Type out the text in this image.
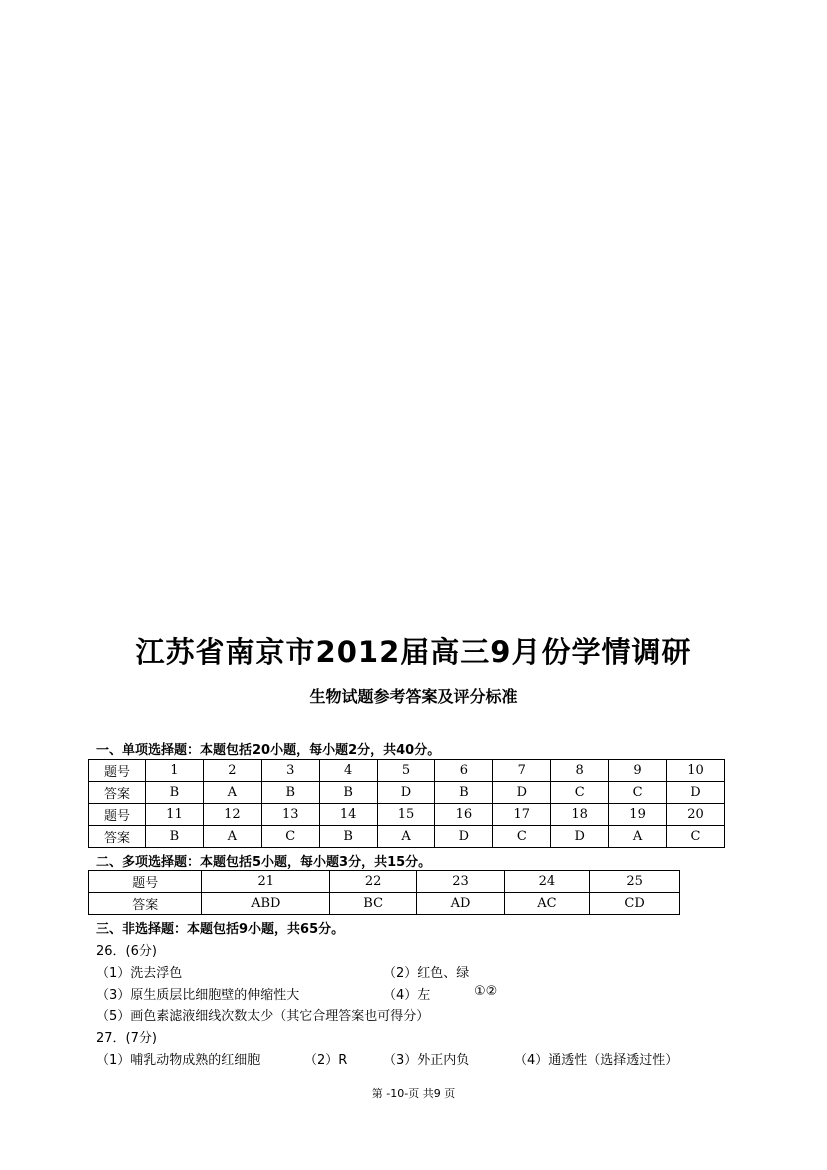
江苏省南京市2012届高三9月份学情调研
生物试题参考答案及评分标准
一、单项选择题：本题包括20小题，每小题2分，共40分。
题号	1	2	3	4	5	6	7	8	9	10
答案	B	A	B	B	D	B	D	C	C	D
题号	11	12	13	14	15	16	17	18	19	20
答案	B	A	C	B	A	D	C	D	A	C
二、多项选择题：本题包括5小题，每小题3分，共15分。
题号	21	22	23	24	25
答案	ABD	BC	AD	AC	CD
三、非选择题：本题包括9小题，共65分。
26．(6分)
（1）洗去浮色	（2）红色、绿
（3）原生质层比细胞壁的伸缩性大	（4）左	①②
（5）画色素滤液细线次数太少（其它合理答案也可得分）
27．(7分)
（1）哺乳动物成熟的红细胞	（2）R	（3）外正内负	（4）通透性（选择透过性）
第 -10-页 共9 页
